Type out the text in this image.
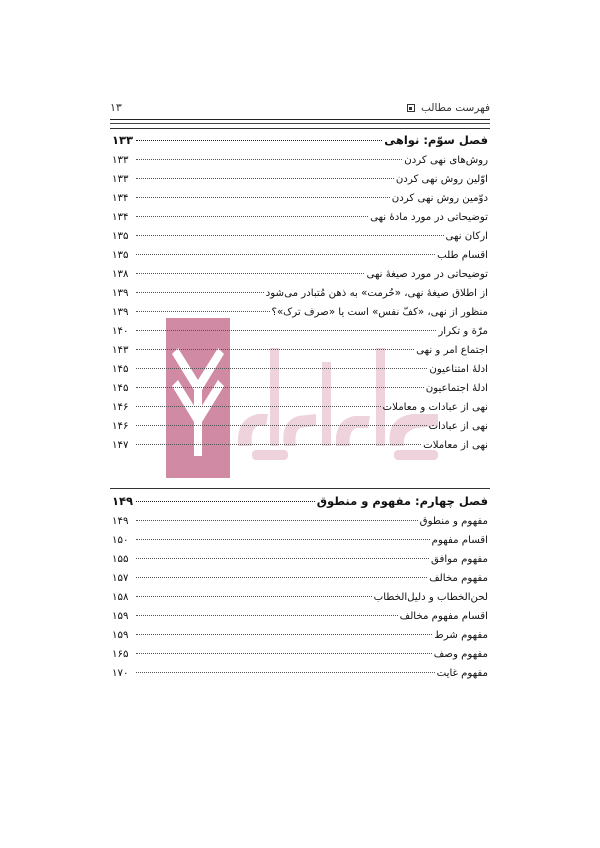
فهرست مطالب
۱۳
فصل سوّم: نواهی
۱۳۳
روش‌های نهی کردن
۱۳۳
اوّلین روش نهی کردن
۱۳۳
دوّمین روش نهی کردن
۱۳۴
توضیحاتی در مورد مادهٔ نهی
۱۳۴
ارکان نهی
۱۳۵
اقسام طلب
۱۳۵
توضیحاتی در مورد صیغهٔ نهی
۱۳۸
از اطلاق صیغهٔ نهی، «حُرمت» به ذهن مُتبادر می‌شود
۱۳۹
منظور از نهی، «کفّ نفس» است یا «صرف ترک»؟
۱۳۹
مرّة و تکرار
۱۴۰
اجتماع امر و نهی
۱۴۳
ادلهٔ امتناعیون
۱۴۵
ادلهٔ اجتماعیون
۱۴۵
نهی از عبادات و معاملات
۱۴۶
نهی از عبادات
۱۴۶
نهی از معاملات
۱۴۷
فصل چهارم: مفهوم و منطوق
۱۴۹
مفهوم و منطوق
۱۴۹
اقسام مفهوم
۱۵۰
مفهوم موافق
۱۵۵
مفهوم مخالف
۱۵۷
لحن‌الخطاب و دلیل‌الخطاب
۱۵۸
اقسام مفهوم مخالف
۱۵۹
مفهوم شرط
۱۵۹
مفهوم وصف
۱۶۵
مفهوم غایت
۱۷۰
